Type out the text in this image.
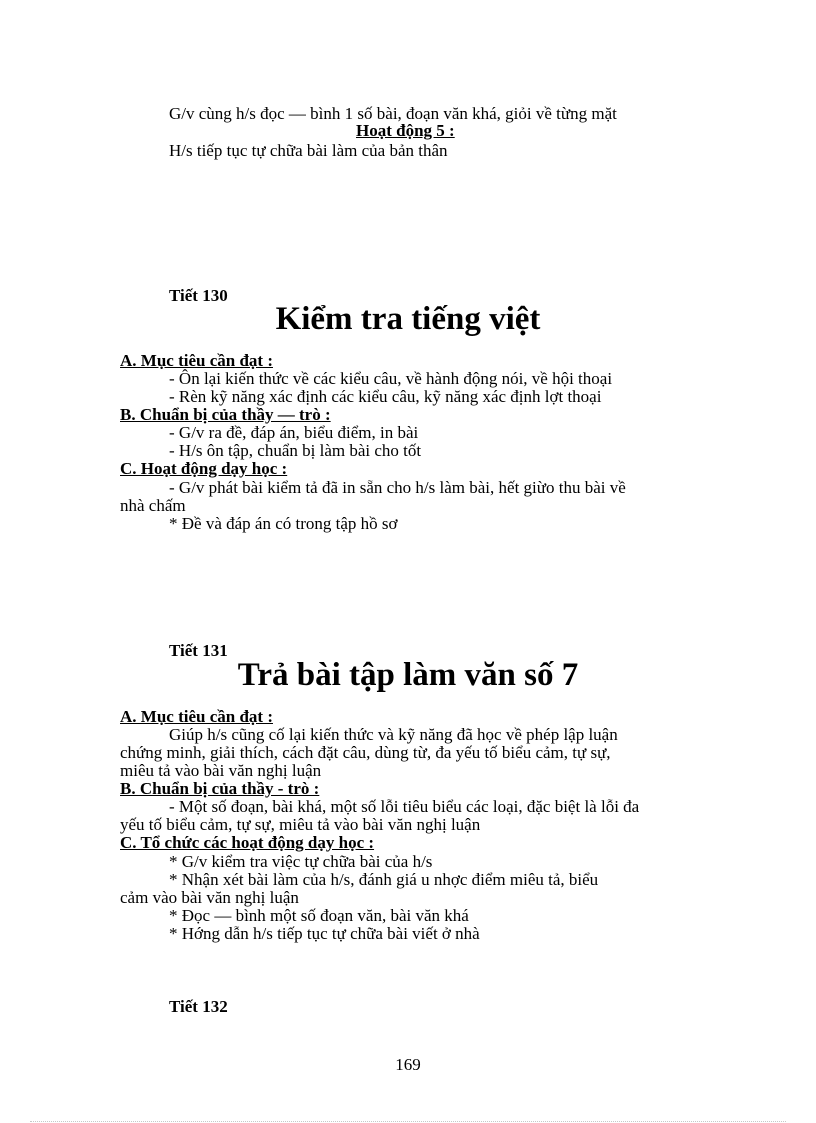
G/v cùng h/s đọc — bình 1 số bài, đoạn văn khá, giỏi về từng mặt
Hoạt động 5 :
H/s tiếp tục tự chữa bài làm của bản thân
Tiết 130
Kiểm tra tiếng việt
A. Mục tiêu cần đạt :
- Ôn lại kiến thức về các kiểu câu, về hành động nói, về hội thoại
- Rèn kỹ năng xác định các kiểu câu, kỹ năng xác định lợt thoại
B. Chuẩn bị của thầy — trò :
- G/v ra đề, đáp án, biểu điểm, in bài
- H/s ôn tập, chuẩn bị làm bài cho tốt
C. Hoạt động dạy học :
- G/v phát bài kiểm tả đã in sẵn cho h/s làm bài, hết giừo thu bài về
nhà chấm
* Đề và đáp án có trong tập hồ sơ
Tiết 131
Trả bài tập làm văn số 7
A. Mục tiêu cần đạt :
Giúp h/s cũng cố lại kiến thức và kỹ năng đã học về phép lập luận
chứng minh, giải thích, cách đặt câu, dùng từ, đa yếu tố biểu cảm, tự sự,
miêu tả vào bài văn nghị luận
B. Chuẩn bị của thầy - trò :
- Một số đoạn, bài khá, một số lỗi tiêu biểu các loại, đặc biệt là lỗi đa
yếu tố biểu cảm, tự sự, miêu tả vào bài văn nghị luận
C. Tổ chức các hoạt động dạy học :
* G/v kiểm tra việc tự chữa bài của h/s
* Nhận xét bài làm của h/s, đánh giá u nhợc điểm miêu tả, biểu
cảm vào bài văn nghị luận
* Đọc — bình một số đoạn văn, bài văn khá
* Hớng dẫn h/s tiếp tục tự chữa bài viết ở nhà
Tiết 132
169
